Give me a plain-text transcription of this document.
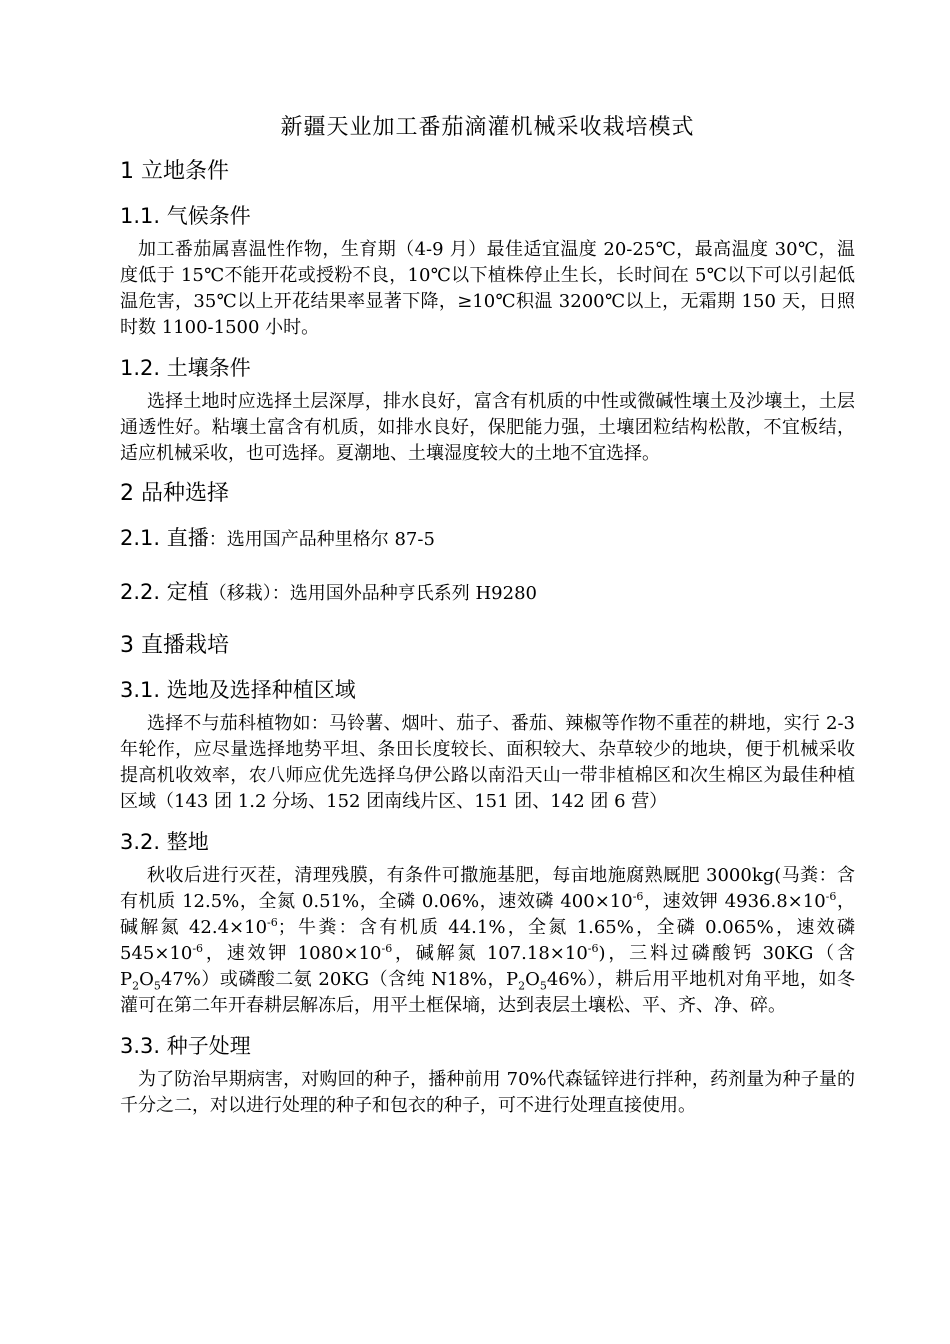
新疆天业加工番茄滴灌机械采收栽培模式
1 立地条件
1.1. 气候条件

加工番茄属喜温性作物，生育期（4-9 月）最佳适宜温度 20-25℃，最高温度 30℃，温度低于 15℃不能开花或授粉不良，10℃以下植株停止生长，长时间在 5℃以下可以引起低温危害，35℃以上开花结果率显著下降，≥10℃积温 3200℃以上，无霜期 150 天，日照时数 1100-1500 小时。

1.2. 土壤条件

选择土地时应选择土层深厚，排水良好，富含有机质的中性或微碱性壤土及沙壤土，土层通透性好。粘壤土富含有机质，如排水良好，保肥能力强，土壤团粒结构松散，不宜板结，适应机械采收，也可选择。夏潮地、土壤湿度较大的土地不宜选择。

2 品种选择
2.1. 直播：选用国产品种里格尔 87-5
2.2. 定植（移栽）：选用国外品种亨氏系列 H9280
3 直播栽培
3.1. 选地及选择种植区域

选择不与茄科植物如：马铃薯、烟叶、茄子、番茄、辣椒等作物不重茬的耕地，实行 2-3 年轮作，应尽量选择地势平坦、条田长度较长、面积较大、杂草较少的地块，便于机械采收提高机收效率，农八师应优先选择乌伊公路以南沿天山一带非植棉区和次生棉区为最佳种植区域（143 团 1.2 分场、152 团南线片区、151 团、142 团 6 营）

3.2. 整地

秋收后进行灭茬，清理残膜，有条件可撒施基肥，每亩地施腐熟厩肥 3000kg(马粪：含有机质 12.5%，全氮 0.51%，全磷 0.06%，速效磷 $400\times 10^{-6}$，速效钾 $4936.8\times 10^{-6}$，碱解氮 $42.4\times 10^{-6}$；牛粪：含有机质 44.1%，全氮 1.65%，全磷 0.065%，速效磷 $545\times 10^{-6}$，速效钾 $1080\times 10^{-6}$，碱解氮 $107.18\times 10^{-6}$)，三料过磷酸钙 30KG（含 $P_2O_547\%$）或磷酸二氨 20KG（含纯 N18%，$P_2O_546\%$），耕后用平地机对角平地，如冬灌可在第二年开春耕层解冻后，用平土框保墒，达到表层土壤松、平、齐、净、碎。

3.3. 种子处理

为了防治早期病害，对购回的种子，播种前用 70%代森锰锌进行拌种，药剂量为种子量的千分之二，对以进行处理的种子和包衣的种子，可不进行处理直接使用。
